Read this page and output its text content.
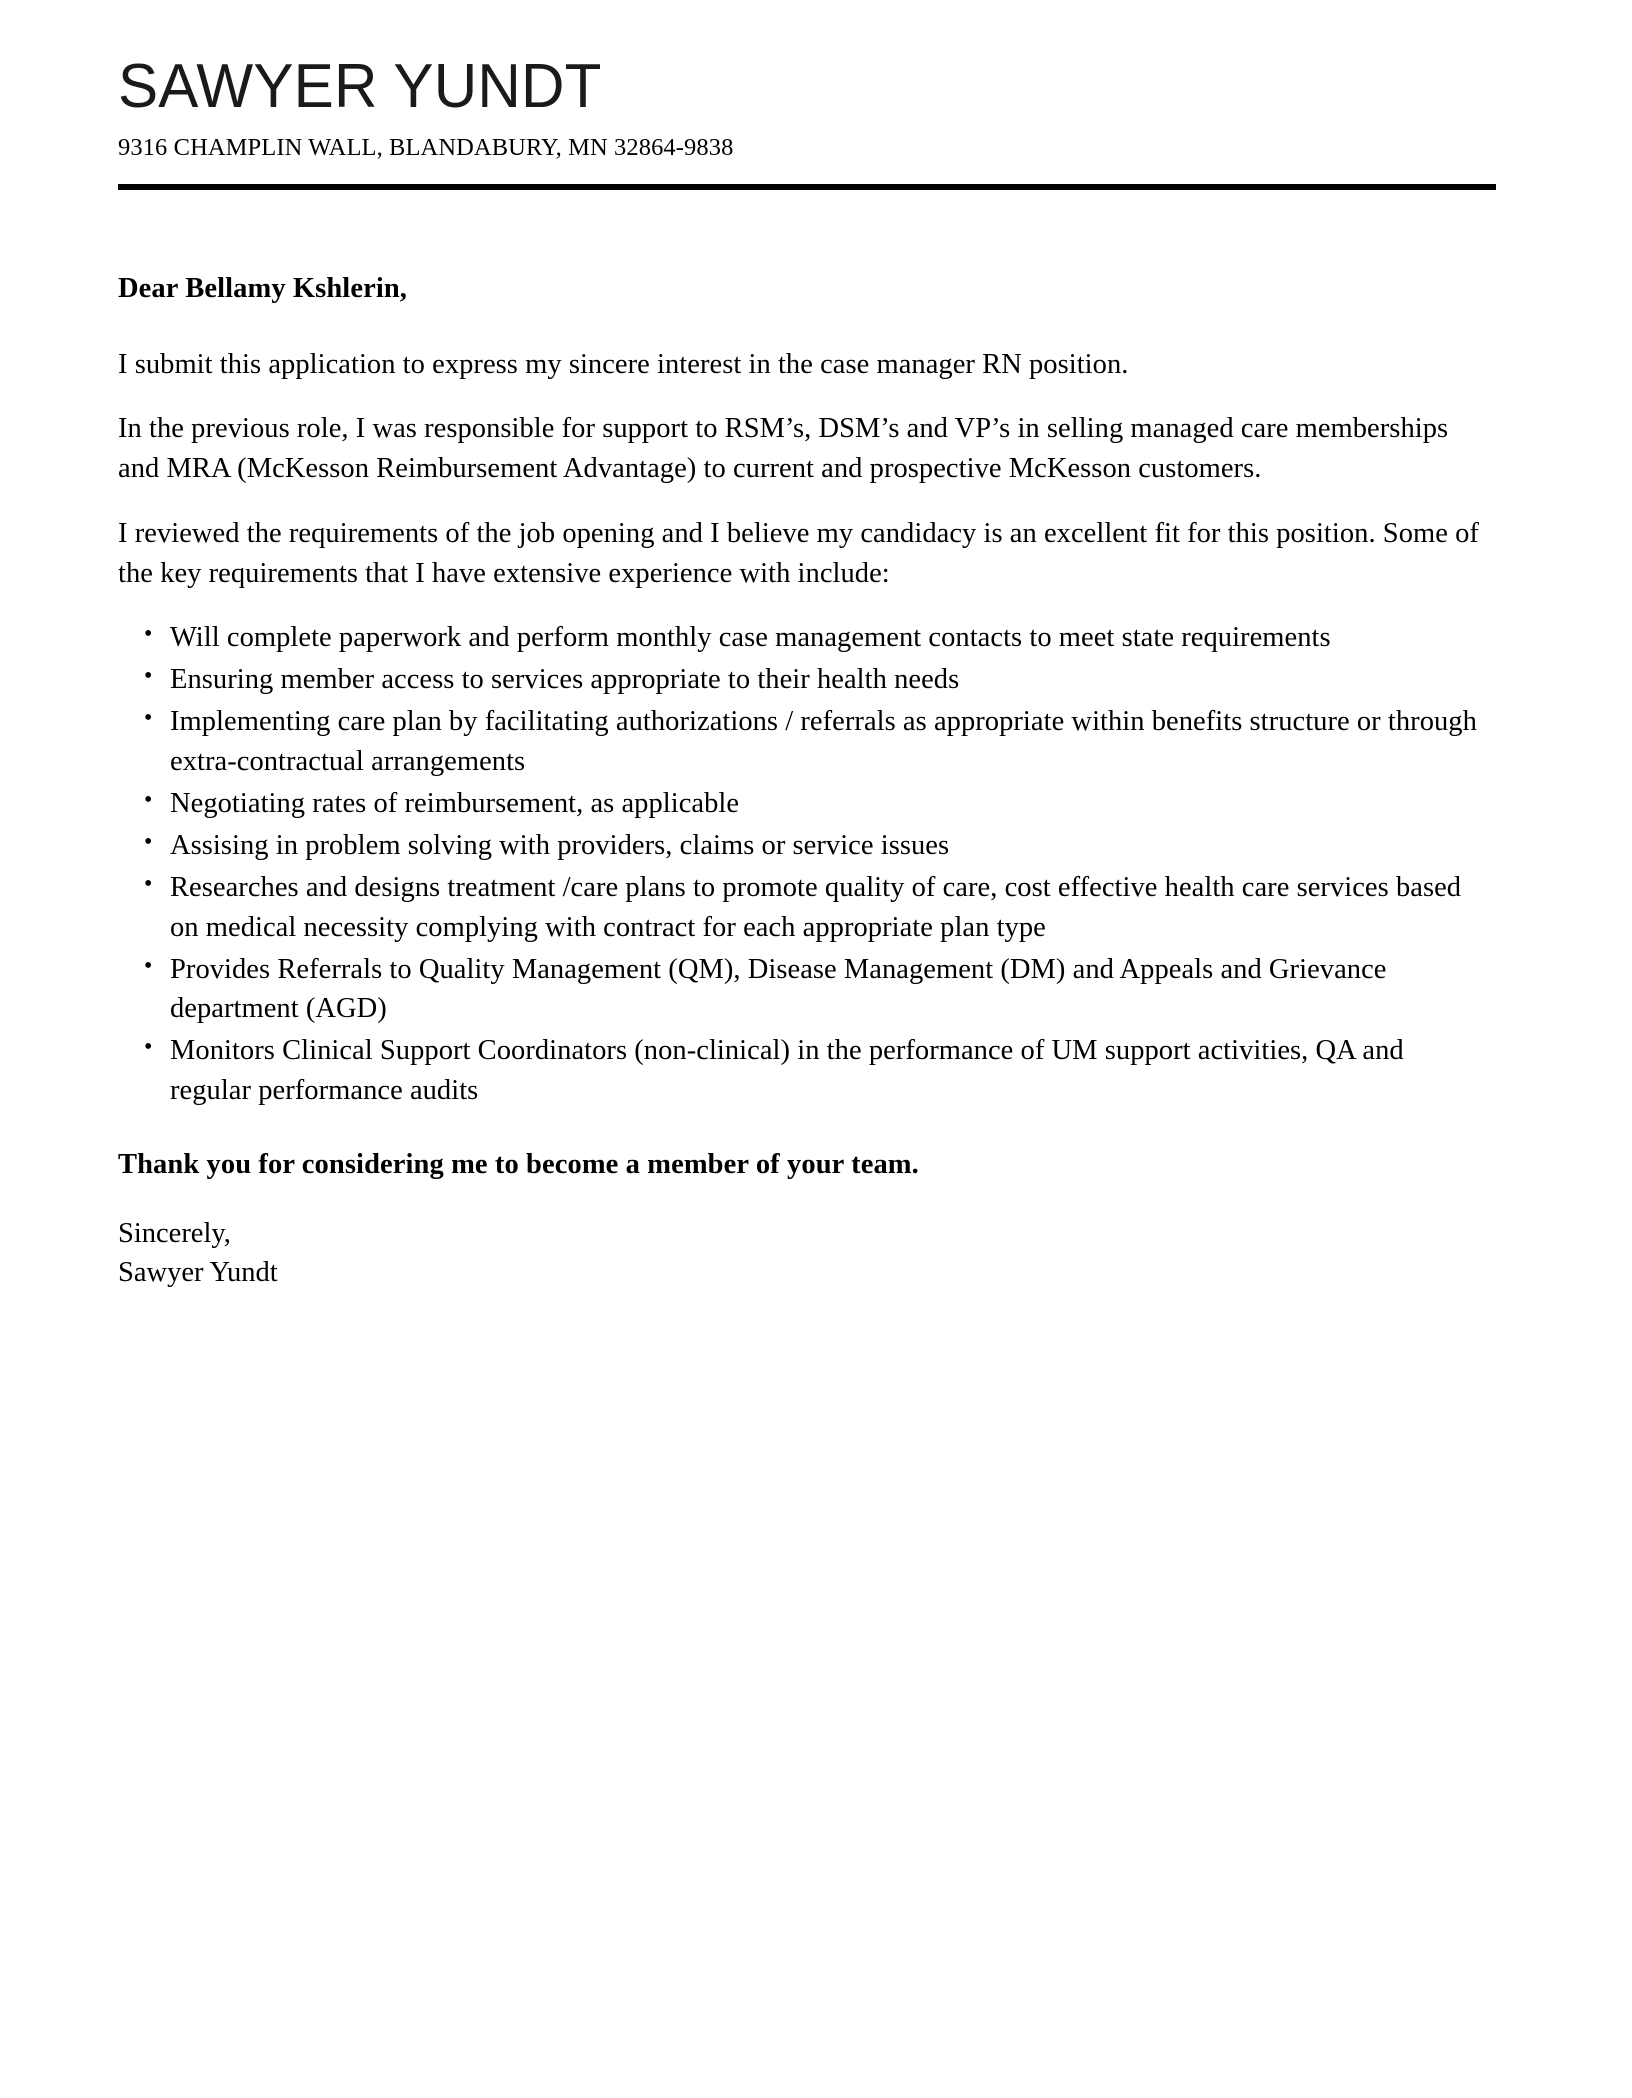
SAWYER YUNDT
9316 CHAMPLIN WALL, BLANDABURY, MN 32864-9838
Dear Bellamy Kshlerin,

I submit this application to express my sincere interest in the case manager RN position.

In the previous role, I was responsible for support to RSM’s, DSM’s and VP’s in selling managed care memberships and MRA (McKesson Reimbursement Advantage) to current and prospective McKesson customers.

I reviewed the requirements of the job opening and I believe my candidacy is an excellent fit for this position. Some of the key requirements that I have extensive experience with include:

• Will complete paperwork and perform monthly case management contacts to meet state requirements
• Ensuring member access to services appropriate to their health needs
• Implementing care plan by facilitating authorizations / referrals as appropriate within benefits structure or through extra-contractual arrangements
• Negotiating rates of reimbursement, as applicable
• Assising in problem solving with providers, claims or service issues
• Researches and designs treatment /care plans to promote quality of care, cost effective health care services based on medical necessity complying with contract for each appropriate plan type
• Provides Referrals to Quality Management (QM), Disease Management (DM) and Appeals and Grievance department (AGD)
• Monitors Clinical Support Coordinators (non-clinical) in the performance of UM support activities, QA and regular performance audits
Thank you for considering me to become a member of your team.
Sincerely,
Sawyer Yundt
